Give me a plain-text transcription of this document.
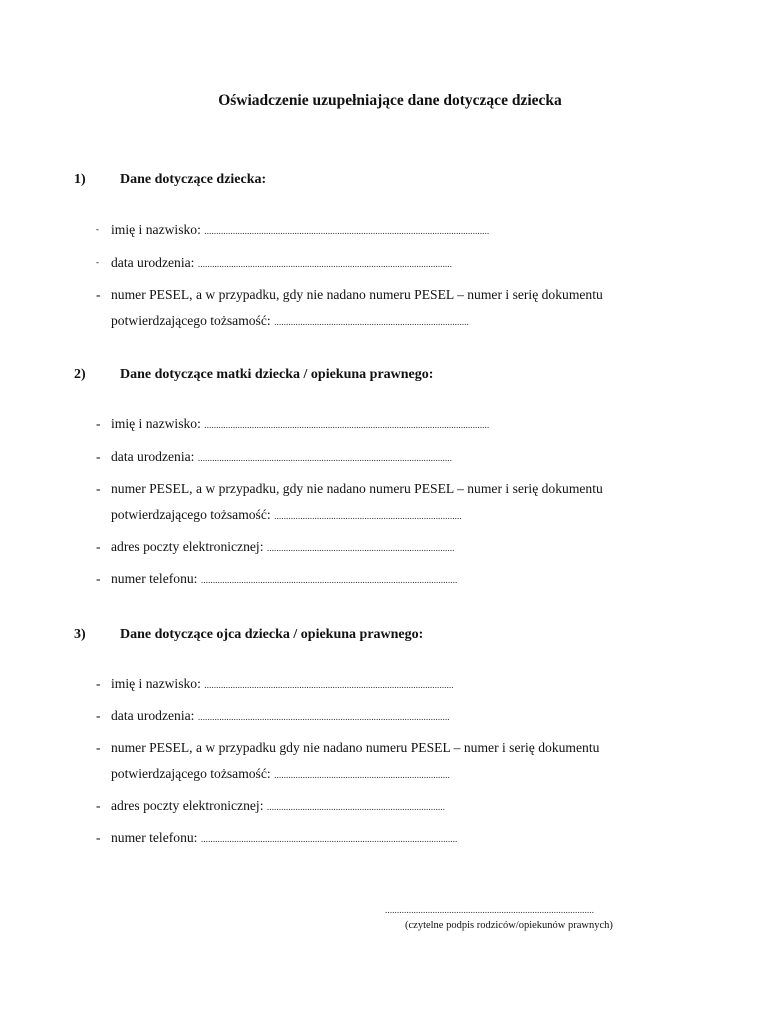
Oświadczenie uzupełniające dane dotyczące dziecka
1) Dane dotyczące dziecka:
- imię i nazwisko: ........................................................................................................................
- data urodzenia: ...........................................................................................................
- numer PESEL, a w przypadku, gdy nie nadano numeru PESEL – numer i serię dokumentu
potwierdzającego tożsamość: ..................................................................................
2) Dane dotyczące matki dziecka / opiekuna prawnego:
- imię i nazwisko: ........................................................................................................................
- data urodzenia: ...........................................................................................................
- numer PESEL, a w przypadku, gdy nie nadano numeru PESEL – numer i serię dokumentu
potwierdzającego tożsamość: ...............................................................................
- adres poczty elektronicznej: ...............................................................................
- numer telefonu: ............................................................................................................
3) Dane dotyczące ojca dziecka / opiekuna prawnego:
- imię i nazwisko: .........................................................................................................
- data urodzenia: ..........................................................................................................
- numer PESEL, a w przypadku gdy nie nadano numeru PESEL – numer i serię dokumentu
potwierdzającego tożsamość: ..........................................................................
- adres poczty elektronicznej: ...........................................................................
- numer telefonu: ............................................................................................................
........................................................................................
(czytelne podpis rodziców/opiekunów prawnych)
